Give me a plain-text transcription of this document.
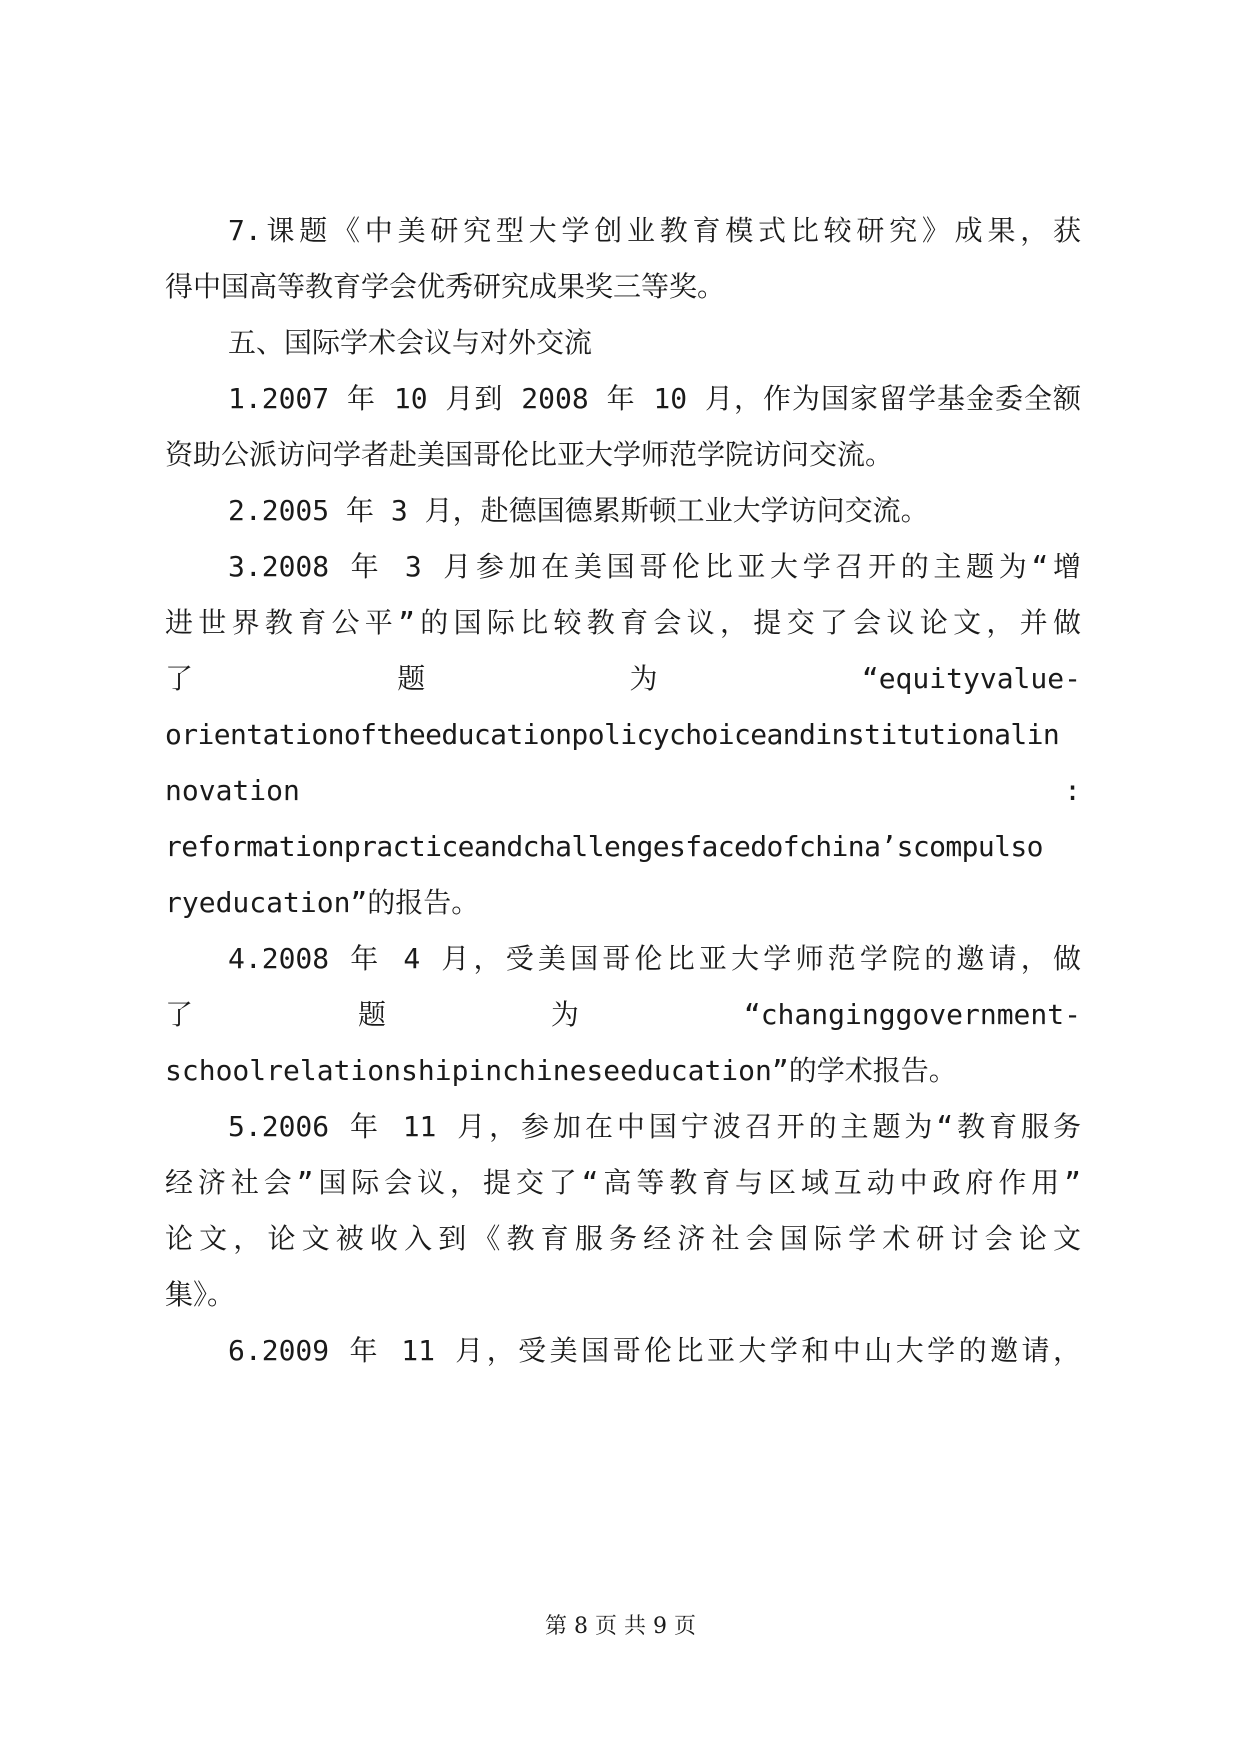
7.课题《中美研究型大学创业教育模式比较研究》成果，获
得中国高等教育学会优秀研究成果奖三等奖。
五、国际学术会议与对外交流
1.2007 年 10 月到 2008 年 10 月，作为国家留学基金委全额
资助公派访问学者赴美国哥伦比亚大学师范学院访问交流。
2.2005 年 3 月，赴德国德累斯顿工业大学访问交流。
3.2008 年 3 月参加在美国哥伦比亚大学召开的主题为“增
进世界教育公平”的国际比较教育会议，提交了会议论文，并做
了 题 为 “equityvalue-
orientationoftheeducationpolicychoiceandinstitutionalin
novation :
reformationpracticeandchallengesfacedofchina’scompulso
ryeducation”的报告。
4.2008 年 4 月，受美国哥伦比亚大学师范学院的邀请，做
了 题 为 “changinggovernment-
schoolrelationshipinchineseeducation”的学术报告。
5.2006 年 11 月，参加在中国宁波召开的主题为“教育服务
经济社会”国际会议，提交了“高等教育与区域互动中政府作用”
论文，论文被收入到《教育服务经济社会国际学术研讨会论文
集》。
6.2009 年 11 月，受美国哥伦比亚大学和中山大学的邀请，
第 8 页 共 9 页
